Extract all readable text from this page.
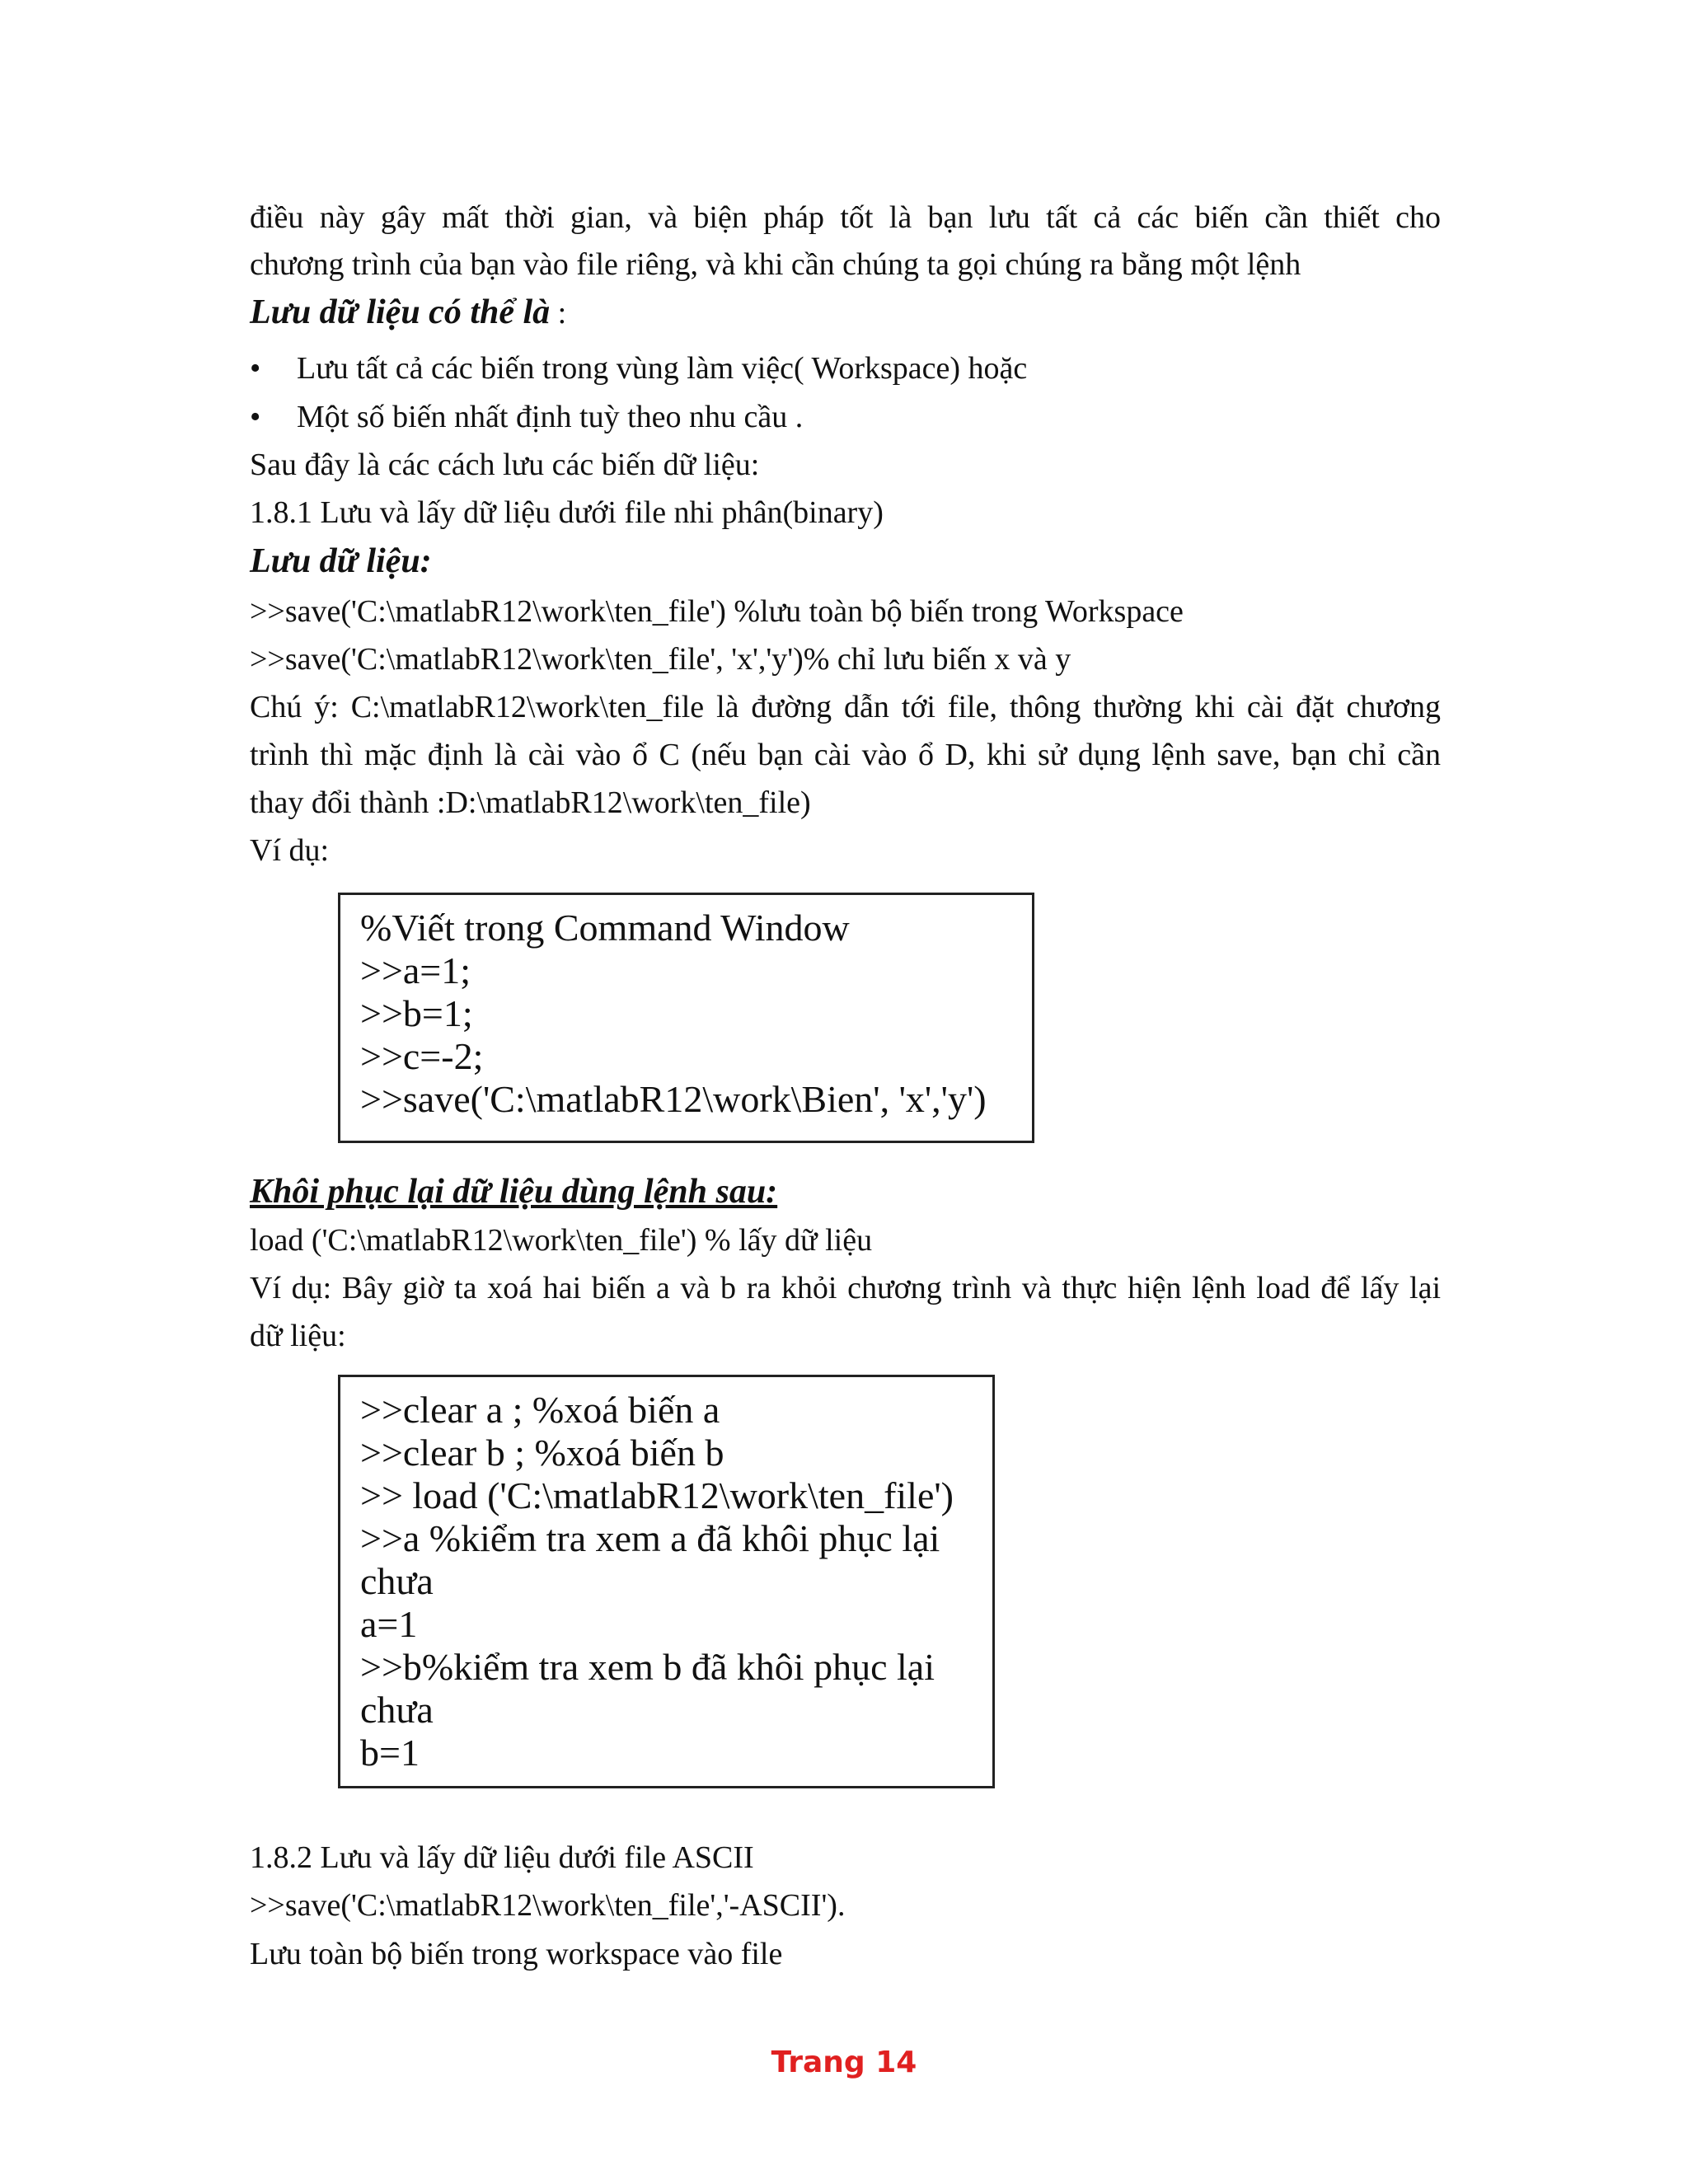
điều này gây mất thời gian, và biện pháp tốt là bạn lưu tất cả các biến cần thiết cho
chương trình của bạn vào file riêng, và khi cần chúng ta gọi chúng ra bằng một lệnh
Lưu dữ liệu có thể là :
• Lưu tất cả các biến trong vùng làm việc( Workspace) hoặc
• Một số biến nhất định tuỳ theo nhu cầu .
Sau đây là các cách lưu các biến dữ liệu:
1.8.1 Lưu và lấy dữ liệu dưới file nhi phân(binary)
Lưu dữ liệu:
>>save('C:\matlabR12\work\ten_file') %lưu toàn bộ biến trong Workspace
>>save('C:\matlabR12\work\ten_file', 'x','y')% chỉ lưu biến x và y
Chú ý: C:\matlabR12\work\ten_file là đường dẫn tới file, thông thường khi cài đặt chương
trình thì mặc định là cài vào ổ C (nếu bạn cài vào ổ D, khi sử dụng lệnh save, bạn chỉ cần
thay đổi thành :D:\matlabR12\work\ten_file)
Ví dụ:
%Viết trong Command Window
>>a=1;
>>b=1;
>>c=-2;
>>save('C:\matlabR12\work\Bien', 'x','y')
Khôi phục lại dữ liệu dùng lệnh sau:
load ('C:\matlabR12\work\ten_file') % lấy dữ liệu
Ví dụ: Bây giờ ta xoá hai biến a và b ra khỏi chương trình và thực hiện lệnh load để lấy lại
dữ liệu:
>>clear a ; %xoá biến a
>>clear b ; %xoá biến b
>> load ('C:\matlabR12\work\ten_file')
>>a %kiểm tra xem a đã khôi phục lại
chưa
a=1
>>b%kiểm tra xem b đã khôi phục lại
chưa
b=1
1.8.2 Lưu và lấy dữ liệu dưới file ASCII
>>save('C:\matlabR12\work\ten_file','-ASCII').
Lưu toàn bộ biến trong workspace vào file
Trang 14
